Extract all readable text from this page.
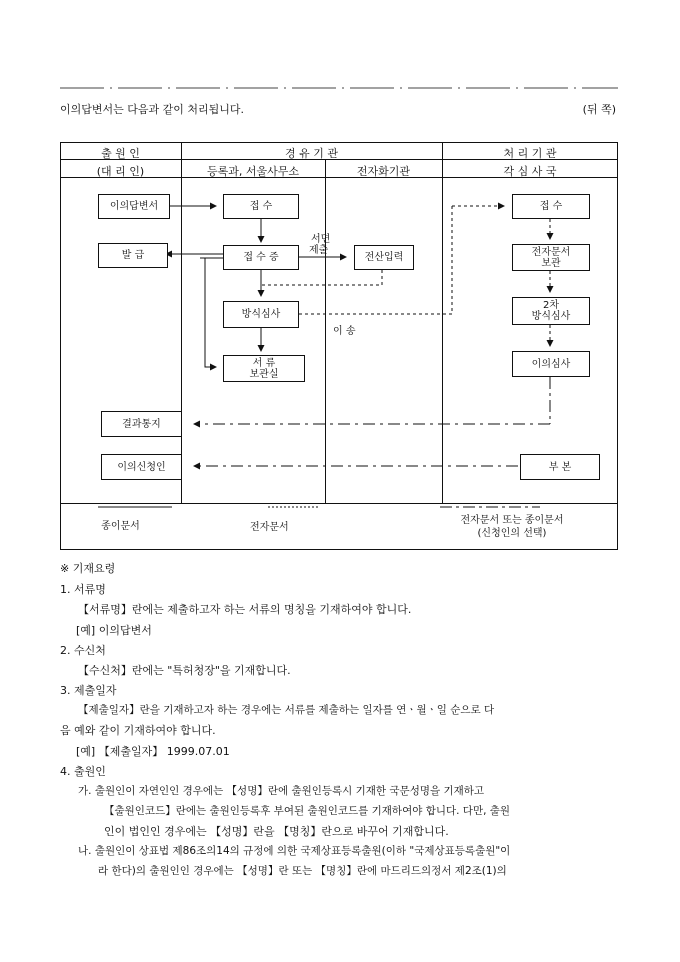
이의답변서는 다음과 같이 처리됩니다.	(뒤 쪽)
출 원 인
(대 리 인)
경 유 기 관
등록과, 서울사무소	전자화기관
처 리 기 관
각 심 사 국
이의답변서	접 수
발 급	접 수 증	전산입력
방식심사
서 류
보관실
결과통지
이의신청인
접 수
전자문서
보관
2차
방식심사
이의심사
부 본
서면
제출
이 송
종이문서	전자문서
전자문서 또는 종이문서
(신청인의 선택)
※ 기재요령
1. 서류명
【서류명】란에는 제출하고자 하는 서류의 명칭을 기재하여야 합니다.
[예] 이의답변서
2. 수신처
【수신처】란에는 "특허청장"을 기재합니다.
3. 제출일자
【제출일자】란을 기재하고자 하는 경우에는 서류를 제출하는 일자를 연ㆍ월ㆍ일 순으로 다
음 예와 같이 기재하여야 합니다.
[예] 【제출일자】 1999.07.01
4. 출원인
가. 출원인이 자연인인 경우에는 【성명】란에 출원인등록시 기재한 국문성명을 기재하고
【출원인코드】란에는 출원인등록후 부여된 출원인코드를 기재하여야 합니다. 다만, 출원
인이 법인인 경우에는 【성명】란을 【명칭】란으로 바꾸어 기재합니다.
나. 출원인이 상표법 제86조의14의 규정에 의한 국제상표등록출원(이하 "국제상표등록출원"이
라 한다)의 출원인인 경우에는 【성명】란 또는 【명칭】란에 마드리드의정서 제2조(1)의
